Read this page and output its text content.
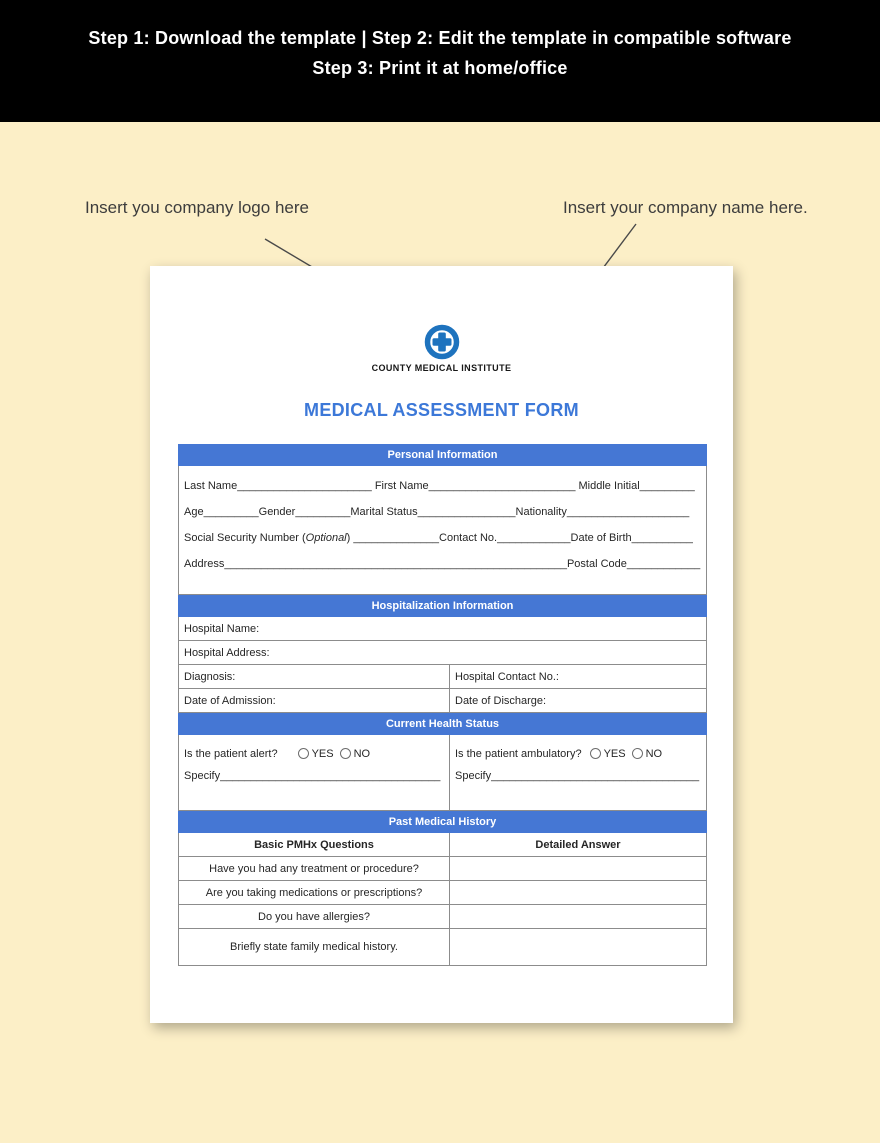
Step 1: Download the template | Step 2: Edit the template in compatible software
Step 3: Print it at home/office
Insert you company logo here	Insert your company name here.
COUNTY MEDICAL INSTITUTE
MEDICAL ASSESSMENT FORM
Personal Information
Last Name______________________ First Name________________________ Middle Initial_________
Age_________Gender_________Marital Status________________Nationality____________________
Social Security Number (Optional) ______________Contact No.____________Date of Birth__________
Address________________________________________________________Postal Code____________
Hospitalization Information
Hospital Name:
Hospital Address:
Diagnosis:	Hospital Contact No.:
Date of Admission:	Date of Discharge:
Current Health Status
Is the patient alert?	YES NO
Specify____________________________________
Is the patient ambulatory? YES NO
Specify__________________________________
Past Medical History
Basic PMHx Questions	Detailed Answer
Have you had any treatment or procedure?
Are you taking medications or prescriptions?
Do you have allergies?
Briefly state family medical history.
